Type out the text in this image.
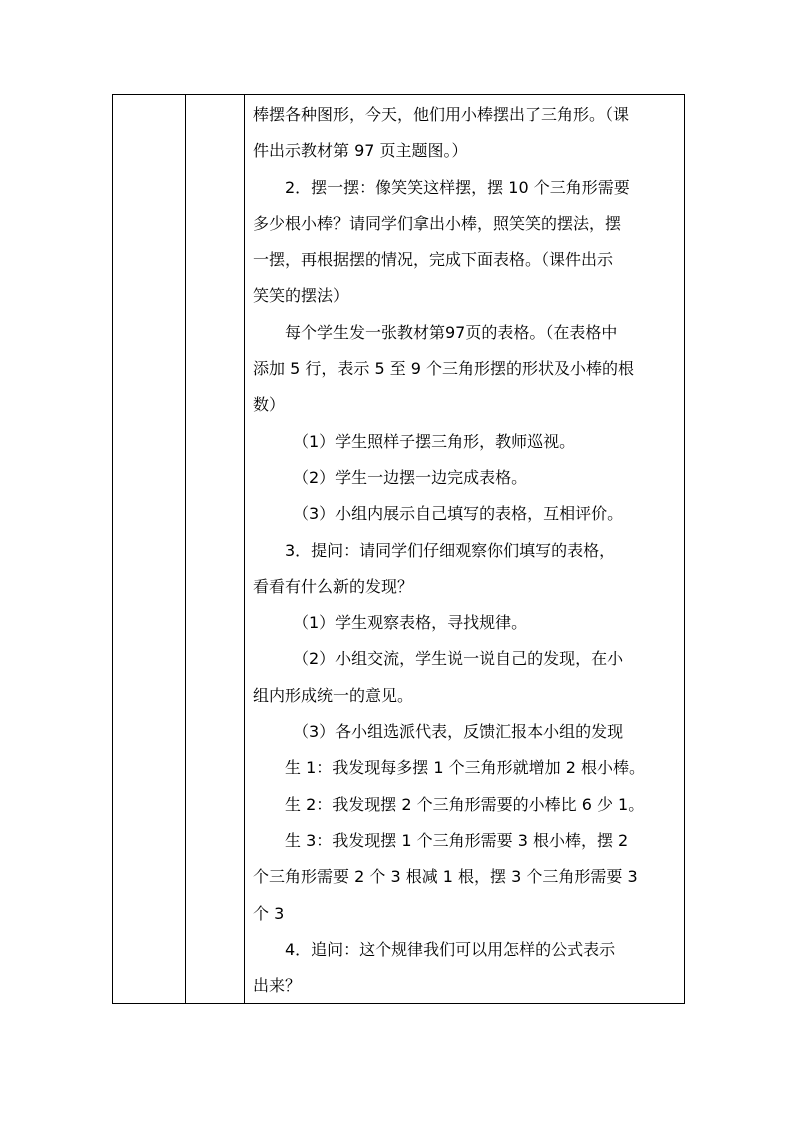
棒摆各种图形，今天，他们用小棒摆出了三角形。（课

件出示教材第 97 页主题图。）

2．摆一摆：像笑笑这样摆，摆 10 个三角形需要

多少根小棒？请同学们拿出小棒，照笑笑的摆法，摆

一摆，再根据摆的情况，完成下面表格。（课件出示

笑笑的摆法）

每个学生发一张教材第97页的表格。（在表格中

添加 5 行，表示 5 至 9 个三角形摆的形状及小棒的根

数）

（1）学生照样子摆三角形，教师巡视。

（2）学生一边摆一边完成表格。

（3）小组内展示自己填写的表格，互相评价。

3．提问：请同学们仔细观察你们填写的表格，

看看有什么新的发现？

（1）学生观察表格，寻找规律。

（2）小组交流，学生说一说自己的发现，在小

组内形成统一的意见。

（3）各小组选派代表，反馈汇报本小组的发现

生 1：我发现每多摆 1 个三角形就增加 2 根小棒。

生 2：我发现摆 2 个三角形需要的小棒比 6 少 1。

生 3：我发现摆 1 个三角形需要 3 根小棒，摆 2

个三角形需要 2 个 3 根减 1 根，摆 3 个三角形需要 3

个 3

4．追问：这个规律我们可以用怎样的公式表示

出来？
